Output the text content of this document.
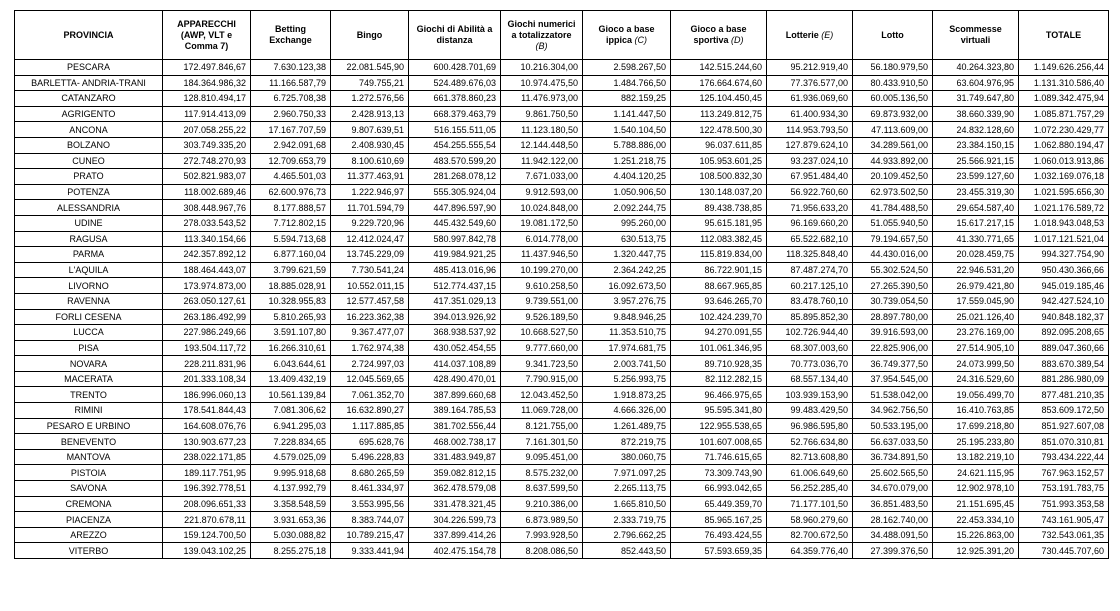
PROVINCIA	APPARECCHI (AWP, VLT e Comma 7)	Betting Exchange	Bingo	Giochi di Abilità a distanza	Giochi numerici a totalizzatore (B)	Gioco a base ippica (C)	Gioco a base sportiva (D)	Lotterie (E)	Lotto	Scommesse virtuali	TOTALE
PESCARA	172.497.846,67	7.630.123,38	22.081.545,90	600.428.701,69	10.216.304,00	2.598.267,50	142.515.244,60	95.212.919,40	56.180.979,50	40.264.323,80	1.149.626.256,44
BARLETTA- ANDRIA-TRANI	184.364.986,32	11.166.587,79	749.755,21	524.489.676,03	10.974.475,50	1.484.766,50	176.664.674,60	77.376.577,00	80.433.910,50	63.604.976,95	1.131.310.586,40
CATANZARO	128.810.494,17	6.725.708,38	1.272.576,56	661.378.860,23	11.476.973,00	882.159,25	125.104.450,45	61.936.069,60	60.005.136,50	31.749.647,80	1.089.342.475,94
AGRIGENTO	117.914.413,09	2.960.750,33	2.428.913,13	668.379.463,79	9.861.750,50	1.141.447,50	113.249.812,75	61.400.934,30	69.873.932,00	38.660.339,90	1.085.871.757,29
ANCONA	207.058.255,22	17.167.707,59	9.807.639,51	516.155.511,05	11.123.180,50	1.540.104,50	122.478.500,30	114.953.793,50	47.113.609,00	24.832.128,60	1.072.230.429,77
BOLZANO	303.749.335,20	2.942.091,68	2.408.930,45	454.255.555,54	12.144.448,50	5.788.886,00	96.037.611,85	127.879.624,10	34.289.561,00	23.384.150,15	1.062.880.194,47
CUNEO	272.748.270,93	12.709.653,79	8.100.610,69	483.570.599,20	11.942.122,00	1.251.218,75	105.953.601,25	93.237.024,10	44.933.892,00	25.566.921,15	1.060.013.913,86
PRATO	502.821.983,07	4.465.501,03	11.377.463,91	281.268.078,12	7.671.033,00	4.404.120,25	108.500.832,30	67.951.484,40	20.109.452,50	23.599.127,60	1.032.169.076,18
POTENZA	118.002.689,46	62.600.976,73	1.222.946,97	555.305.924,04	9.912.593,00	1.050.906,50	130.148.037,20	56.922.760,60	62.973.502,50	23.455.319,30	1.021.595.656,30
ALESSANDRIA	308.448.967,76	8.177.888,57	11.701.594,79	447.896.597,90	10.024.848,00	2.092.244,75	89.438.738,85	71.956.633,20	41.784.488,50	29.654.587,40	1.021.176.589,72
UDINE	278.033.543,52	7.712.802,15	9.229.720,96	445.432.549,60	19.081.172,50	995.260,00	95.615.181,95	96.169.660,20	51.055.940,50	15.617.217,15	1.018.943.048,53
RAGUSA	113.340.154,66	5.594.713,68	12.412.024,47	580.997.842,78	6.014.778,00	630.513,75	112.083.382,45	65.522.682,10	79.194.657,50	41.330.771,65	1.017.121.521,04
PARMA	242.357.892,12	6.877.160,04	13.745.229,09	419.984.921,25	11.437.946,50	1.320.447,75	115.819.834,00	118.325.848,40	44.430.016,00	20.028.459,75	994.327.754,90
L'AQUILA	188.464.443,07	3.799.621,59	7.730.541,24	485.413.016,96	10.199.270,00	2.364.242,25	86.722.901,15	87.487.274,70	55.302.524,50	22.946.531,20	950.430.366,66
LIVORNO	173.974.873,00	18.885.028,91	10.552.011,15	512.774.437,15	9.610.258,50	16.092.673,50	88.667.965,85	60.217.125,10	27.265.390,50	26.979.421,80	945.019.185,46
RAVENNA	263.050.127,61	10.328.955,83	12.577.457,58	417.351.029,13	9.739.551,00	3.957.276,75	93.646.265,70	83.478.760,10	30.739.054,50	17.559.045,90	942.427.524,10
FORLI CESENA	263.186.492,99	5.810.265,93	16.223.362,38	394.013.926,92	9.526.189,50	9.848.946,25	102.424.239,70	85.895.852,30	28.897.780,00	25.021.126,40	940.848.182,37
LUCCA	227.986.249,66	3.591.107,80	9.367.477,07	368.938.537,92	10.668.527,50	11.353.510,75	94.270.091,55	102.726.944,40	39.916.593,00	23.276.169,00	892.095.208,65
PISA	193.504.117,72	16.266.310,61	1.762.974,38	430.052.454,55	9.777.660,00	17.974.681,75	101.061.346,95	68.307.003,60	22.825.906,00	27.514.905,10	889.047.360,66
NOVARA	228.211.831,96	6.043.644,61	2.724.997,03	414.037.108,89	9.341.723,50	2.003.741,50	89.710.928,35	70.773.036,70	36.749.377,50	24.073.999,50	883.670.389,54
MACERATA	201.333.108,34	13.409.432,19	12.045.569,65	428.490.470,01	7.790.915,00	5.256.993,75	82.112.282,15	68.557.134,40	37.954.545,00	24.316.529,60	881.286.980,09
TRENTO	186.996.060,13	10.561.139,84	7.061.352,70	387.899.660,68	12.043.452,50	1.918.873,25	96.466.975,65	103.939.153,90	51.538.042,00	19.056.499,70	877.481.210,35
RIMINI	178.541.844,43	7.081.306,62	16.632.890,27	389.164.785,53	11.069.728,00	4.666.326,00	95.595.341,80	99.483.429,50	34.962.756,50	16.410.763,85	853.609.172,50
PESARO E URBINO	164.608.076,76	6.941.295,03	1.117.885,85	381.702.556,44	8.121.755,00	1.261.489,75	122.955.538,65	96.986.595,80	50.533.195,00	17.699.218,80	851.927.607,08
BENEVENTO	130.903.677,23	7.228.834,65	695.628,76	468.002.738,17	7.161.301,50	872.219,75	101.607.008,65	52.766.634,80	56.637.033,50	25.195.233,80	851.070.310,81
MANTOVA	238.022.171,85	4.579.025,09	5.496.228,83	331.483.949,87	9.095.451,00	380.060,75	71.746.615,65	82.713.608,80	36.734.891,50	13.182.219,10	793.434.222,44
PISTOIA	189.117.751,95	9.995.918,68	8.680.265,59	359.082.812,15	8.575.232,00	7.971.097,25	73.309.743,90	61.006.649,60	25.602.565,50	24.621.115,95	767.963.152,57
SAVONA	196.392.778,51	4.137.992,79	8.461.334,97	362.478.579,08	8.637.599,50	2.265.113,75	66.993.042,65	56.252.285,40	34.670.079,00	12.902.978,10	753.191.783,75
CREMONA	208.096.651,33	3.358.548,59	3.553.995,56	331.478.321,45	9.210.386,00	1.665.810,50	65.449.359,70	71.177.101,50	36.851.483,50	21.151.695,45	751.993.353,58
PIACENZA	221.870.678,11	3.931.653,36	8.383.744,07	304.226.599,73	6.873.989,50	2.333.719,75	85.965.167,25	58.960.279,60	28.162.740,00	22.453.334,10	743.161.905,47
AREZZO	159.124.700,50	5.030.088,82	10.789.215,47	337.899.414,26	7.993.928,50	2.796.662,25	76.493.424,55	82.700.672,50	34.488.091,50	15.226.863,00	732.543.061,35
VITERBO	139.043.102,25	8.255.275,18	9.333.441,94	402.475.154,78	8.208.086,50	852.443,50	57.593.659,35	64.359.776,40	27.399.376,50	12.925.391,20	730.445.707,60
